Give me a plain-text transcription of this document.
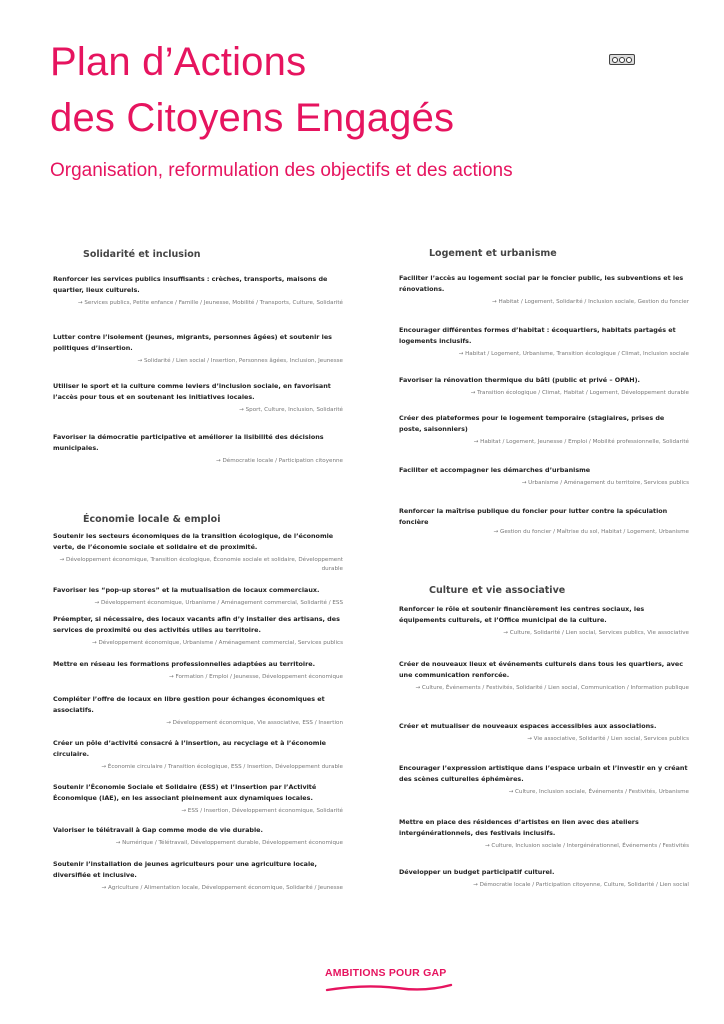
Plan d’Actions
des Citoyens Engagés
Organisation, reformulation des objectifs et des actions
Solidarité et inclusion
Renforcer les services publics insuffisants : crèches, transports, maisons de quartier, lieux culturels.
→ Services publics, Petite enfance / Famille / Jeunesse, Mobilité / Transports, Culture, Solidarité
Lutter contre l’isolement (jeunes, migrants, personnes âgées) et soutenir les politiques d’insertion.
→ Solidarité / Lien social / Insertion, Personnes âgées, Inclusion, Jeunesse
Utiliser le sport et la culture comme leviers d’inclusion sociale, en favorisant l’accès pour tous et en soutenant les initiatives locales.
→ Sport, Culture, Inclusion, Solidarité
Favoriser la démocratie participative et améliorer la lisibilité des décisions municipales.
→ Démocratie locale / Participation citoyenne
Économie locale & emploi
Soutenir les secteurs économiques de la transition écologique, de l’économie verte, de l’économie sociale et solidaire et de proximité.
→ Développement économique, Transition écologique, Économie sociale et solidaire, Développement durable
Favoriser les “pop-up stores” et la mutualisation de locaux commerciaux.
→ Développement économique, Urbanisme / Aménagement commercial, Solidarité / ESS
Préempter, si nécessaire, des locaux vacants afin d’y installer des artisans, des services de proximité ou des activités utiles au territoire.
→ Développement économique, Urbanisme / Aménagement commercial, Services publics
Mettre en réseau les formations professionnelles adaptées au territoire.
→ Formation / Emploi / Jeunesse, Développement économique
Compléter l’offre de locaux en libre gestion pour échanges économiques et associatifs.
→ Développement économique, Vie associative, ESS / Insertion
Créer un pôle d’activité consacré à l’insertion, au recyclage et à l’économie circulaire.
→ Économie circulaire / Transition écologique, ESS / Insertion, Développement durable
Soutenir l’Économie Sociale et Solidaire (ESS) et l’Insertion par l’Activité Économique (IAE), en les associant pleinement aux dynamiques locales.
→ ESS / Insertion, Développement économique, Solidarité
Valoriser le télétravail à Gap comme mode de vie durable.
→ Numérique / Télétravail, Développement durable, Développement économique
Soutenir l’installation de jeunes agriculteurs pour une agriculture locale, diversifiée et inclusive.
→ Agriculture / Alimentation locale, Développement économique, Solidarité / Jeunesse
Logement et urbanisme
Faciliter l’accès au logement social par le foncier public, les subventions et les rénovations.
→ Habitat / Logement, Solidarité / Inclusion sociale, Gestion du foncier
Encourager différentes formes d’habitat : écoquartiers, habitats partagés et logements inclusifs.
→ Habitat / Logement, Urbanisme, Transition écologique / Climat, Inclusion sociale
Favoriser la rénovation thermique du bâti (public et privé – OPAH).
→ Transition écologique / Climat, Habitat / Logement, Développement durable
Créer des plateformes pour le logement temporaire (stagiaires, prises de poste, saisonniers)
→ Habitat / Logement, Jeunesse / Emploi / Mobilité professionnelle, Solidarité
Faciliter et accompagner les démarches d’urbanisme
→ Urbanisme / Aménagement du territoire, Services publics
Renforcer la maîtrise publique du foncier pour lutter contre la spéculation foncière
→ Gestion du foncier / Maîtrise du sol, Habitat / Logement, Urbanisme
Culture et vie associative
Renforcer le rôle et soutenir financièrement les centres sociaux, les équipements culturels, et l’Office municipal de la culture.
→ Culture, Solidarité / Lien social, Services publics, Vie associative
Créer de nouveaux lieux et événements culturels dans tous les quartiers, avec une communication renforcée.
→ Culture, Événements / Festivités, Solidarité / Lien social, Communication / Information publique
Créer et mutualiser de nouveaux espaces accessibles aux associations.
→ Vie associative, Solidarité / Lien social, Services publics
Encourager l’expression artistique dans l’espace urbain et l’investir en y créant des scènes culturelles éphémères.
→ Culture, Inclusion sociale, Événements / Festivités, Urbanisme
Mettre en place des résidences d’artistes en lien avec des ateliers intergénérationnels, des festivals inclusifs.
→ Culture, Inclusion sociale / Intergénérationnel, Événements / Festivités
Développer un budget participatif culturel.
→ Démocratie locale / Participation citoyenne, Culture, Solidarité / Lien social
AMBITIONS POUR GAP
